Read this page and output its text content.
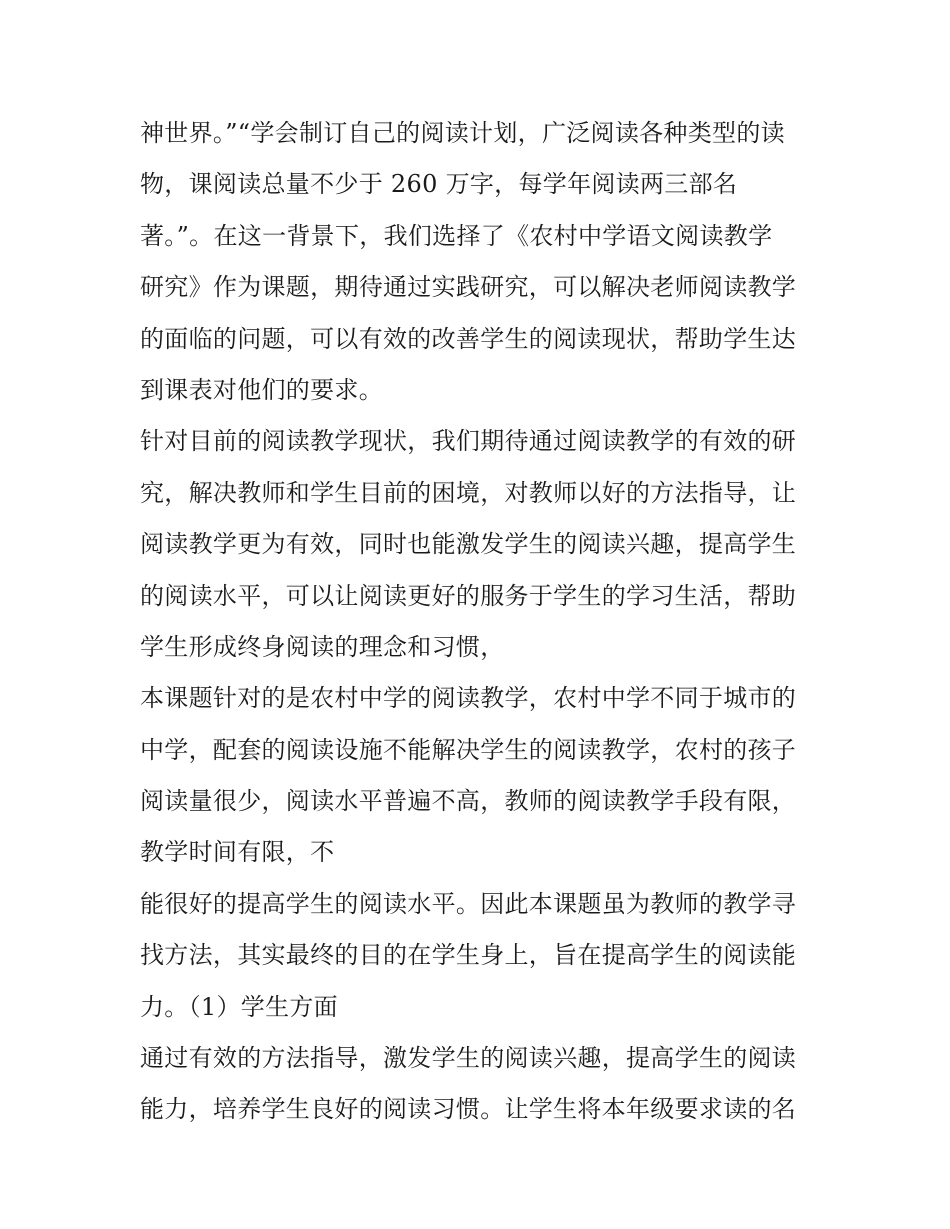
神世界。”“学会制订自己的阅读计划，广泛阅读各种类型的读
物，课阅读总量不少于 260 万字，每学年阅读两三部名
著。”。在这一背景下，我们选择了《农村中学语文阅读教学
研究》作为课题，期待通过实践研究，可以解决老师阅读教学
的面临的问题，可以有效的改善学生的阅读现状，帮助学生达
到课表对他们的要求。
针对目前的阅读教学现状，我们期待通过阅读教学的有效的研
究，解决教师和学生目前的困境，对教师以好的方法指导，让
阅读教学更为有效，同时也能激发学生的阅读兴趣，提高学生
的阅读水平，可以让阅读更好的服务于学生的学习生活，帮助
学生形成终身阅读的理念和习惯，
本课题针对的是农村中学的阅读教学，农村中学不同于城市的
中学，配套的阅读设施不能解决学生的阅读教学，农村的孩子
阅读量很少，阅读水平普遍不高，教师的阅读教学手段有限，
教学时间有限，不
能很好的提高学生的阅读水平。因此本课题虽为教师的教学寻
找方法，其实最终的目的在学生身上，旨在提高学生的阅读能
力。（1）学生方面
通过有效的方法指导，激发学生的阅读兴趣，提高学生的阅读
能力，培养学生良好的阅读习惯。让学生将本年级要求读的名
